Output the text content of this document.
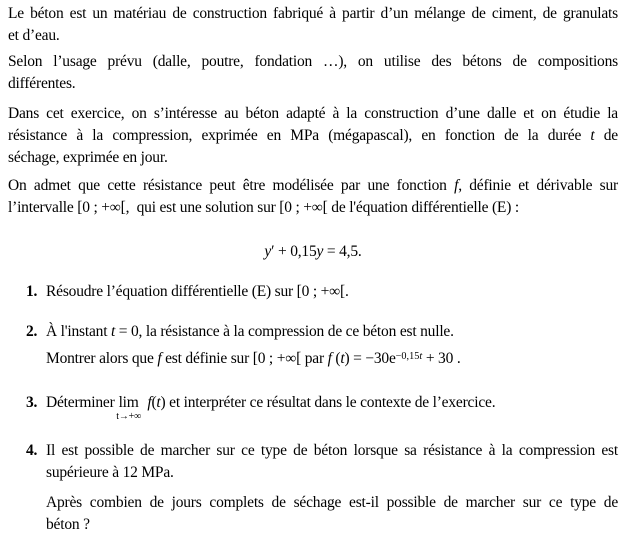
Le béton est un matériau de construction fabriqué à partir d’un mélange de ciment, de granulats
et d’eau.
Selon l’usage prévu (dalle, poutre, fondation …), on utilise des bétons de compositions
différentes.
Dans cet exercice, on s’intéresse au béton adapté à la construction d’une dalle et on étudie la
résistance à la compression, exprimée en MPa (mégapascal), en fonction de la durée t de
séchage, exprimée en jour.
On admet que cette résistance peut être modélisée par une fonction f, définie et dérivable sur
l’intervalle [0 ; +∞[,  qui est une solution sur [0 ; +∞[ de l'équation différentielle (E) :
y′ + 0,15y = 4,5.
1. Résoudre l’équation différentielle (E) sur [0 ; +∞[.
2. À l'instant t = 0, la résistance à la compression de ce béton est nulle.
Montrer alors que f est définie sur [0 ; +∞[ par f $(t) = -30e^{-0,15t} + 30$ .
3. Déterminer lim
t→+∞
f(t) et interpréter ce résultat dans le contexte de l’exercice.
4. Il est possible de marcher sur ce type de béton lorsque sa résistance à la compression est
supérieure à 12 MPa.
Après combien de jours complets de séchage est-il possible de marcher sur ce type de
béton ?
